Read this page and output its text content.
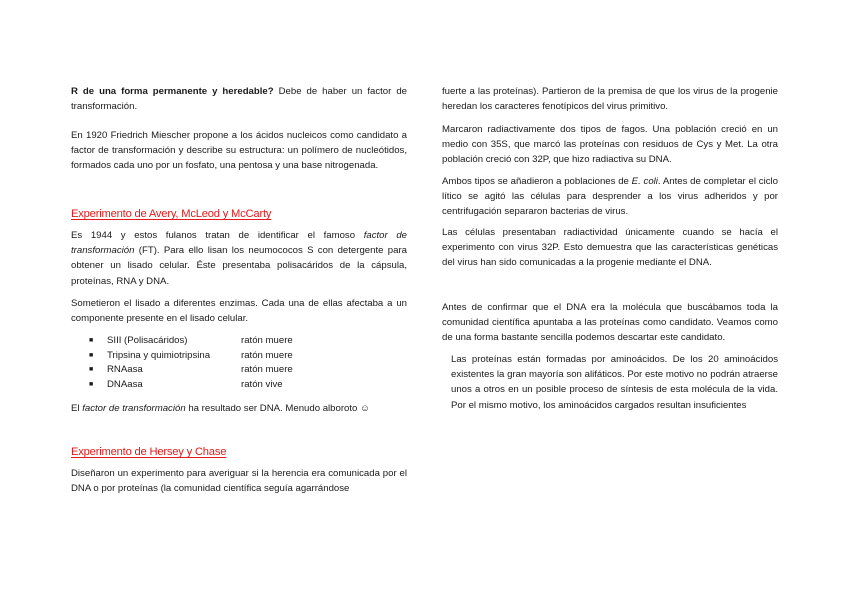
R de una forma permanente y heredable? Debe de haber un factor de transformación.

En 1920 Friedrich Miescher propone a los ácidos nucleicos como candidato a factor de transformación y describe su estructura: un polímero de nucleótidos, formados cada uno por un fosfato, una pentosa y una base nitrogenada.

Experimento de Avery, McLeod y McCarty

Es 1944 y estos fulanos tratan de identificar el famoso factor de transformación (FT). Para ello lisan los neumococos S con detergente para obtener un lisado celular. Éste presentaba polisacáridos de la cápsula, proteínas, RNA y DNA.

Sometieron el lisado a diferentes enzimas. Cada una de ellas afectaba a un componente presente en el lisado celular.

■ SIII (Polisacáridos)	ratón muere
■ Tripsina y quimiotripsina	ratón muere
■ RNAasa	ratón muere
■ DNAasa	ratón vive

El factor de transformación ha resultado ser DNA. Menudo alboroto ☺

Experimento de Hersey y Chase

Diseñaron un experimento para averiguar si la herencia era comunicada por el DNA o por proteínas (la comunidad científica seguía agarrándose

fuerte a las proteínas). Partieron de la premisa de que los virus de la progenie heredan los caracteres fenotípicos del virus primitivo.

Marcaron radiactivamente dos tipos de fagos. Una población creció en un medio con 35S, que marcó las proteínas con residuos de Cys y Met. La otra población creció con 32P, que hizo radiactiva su DNA.

Ambos tipos se añadieron a poblaciones de E. coli. Antes de completar el ciclo lítico se agitó las células para desprender a los virus adheridos y por centrifugación separaron bacterias de virus.

Las células presentaban radiactividad únicamente cuando se hacía el experimento con virus 32P. Esto demuestra que las características genéticas del virus han sido comunicadas a la progenie mediante el DNA.

Antes de confirmar que el DNA era la molécula que buscábamos toda la comunidad científica apuntaba a las proteínas como candidato. Veamos como de una forma bastante sencilla podemos descartar este candidato.

Las proteínas están formadas por aminoácidos. De los 20 aminoácidos existentes la gran mayoría son alifáticos. Por este motivo no podrán atraerse unos a otros en un posible proceso de síntesis de esta molécula de la vida. Por el mismo motivo, los aminoácidos cargados resultan insuficientes
